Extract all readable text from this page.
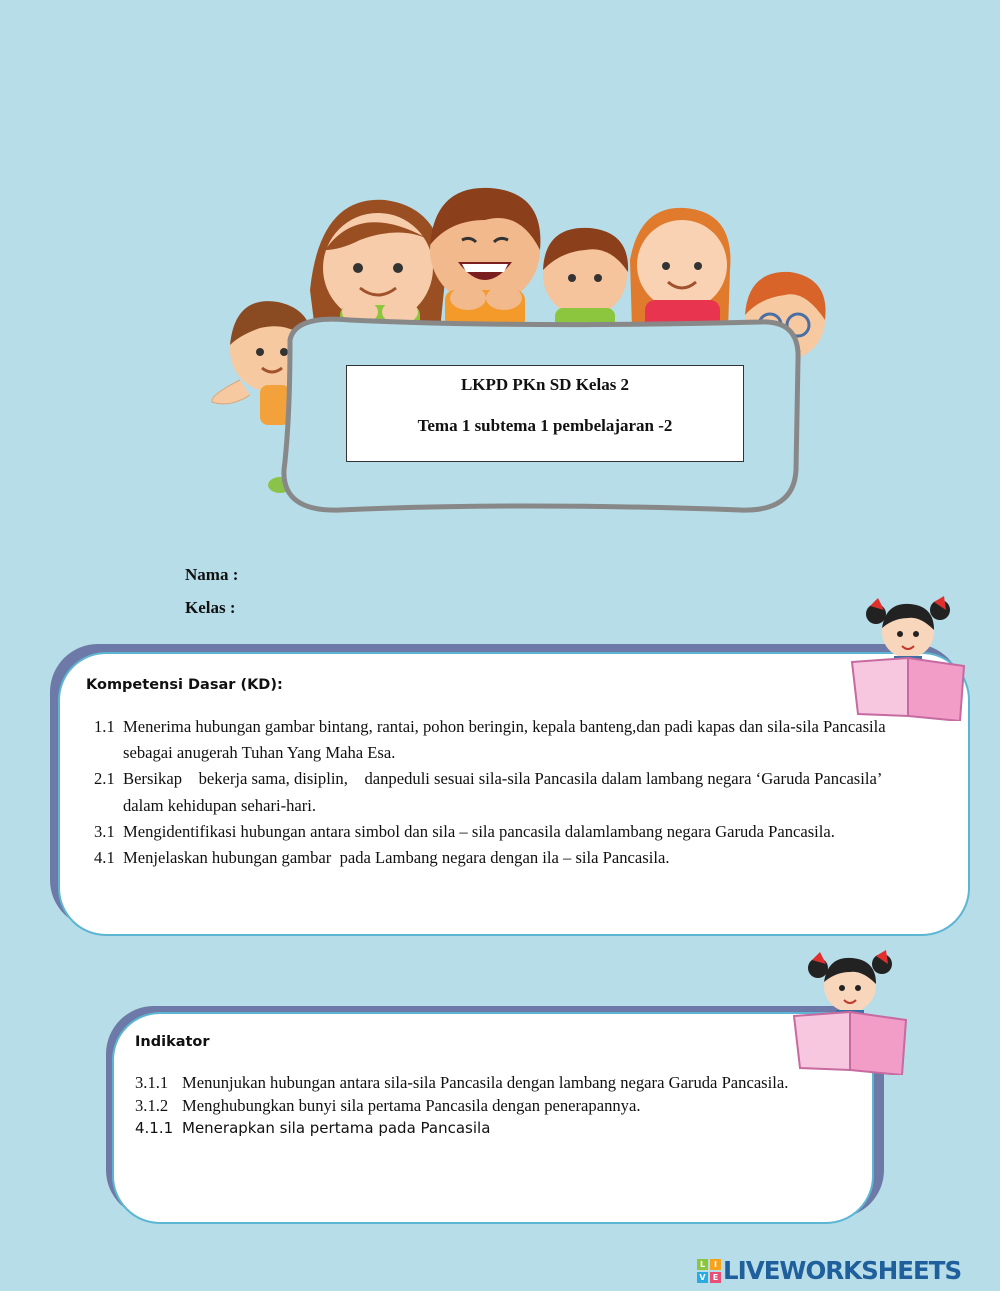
LKPD PKn SD Kelas 2
Tema 1 subtema 1 pembelajaran -2
Nama :
Kelas :
Kompetensi Dasar (KD):
1.1 Menerima hubungan gambar bintang, rantai, pohon beringin, kepala banteng,dan padi kapas dan sila-sila Pancasila sebagai anugerah Tuhan Yang Maha Esa.
2.1 Bersikap    bekerja sama, disiplin,    danpeduli sesuai sila-sila Pancasila dalam lambang negara ‘Garuda Pancasila’ dalam kehidupan sehari-hari.
3.1 Mengidentifikasi hubungan antara simbol dan sila – sila pancasila dalamlambang negara Garuda Pancasila.
4.1 Menjelaskan hubungan gambar  pada Lambang negara dengan ila – sila Pancasila.
Indikator
3.1.1 Menunjukan hubungan antara sila-sila Pancasila dengan lambang negara Garuda Pancasila.
3.1.2 Menghubungkan bunyi sila pertama Pancasila dengan penerapannya.
4.1.1 Menerapkan sila pertama pada Pancasila
L	I
V E LIVEWORKSHEETS
